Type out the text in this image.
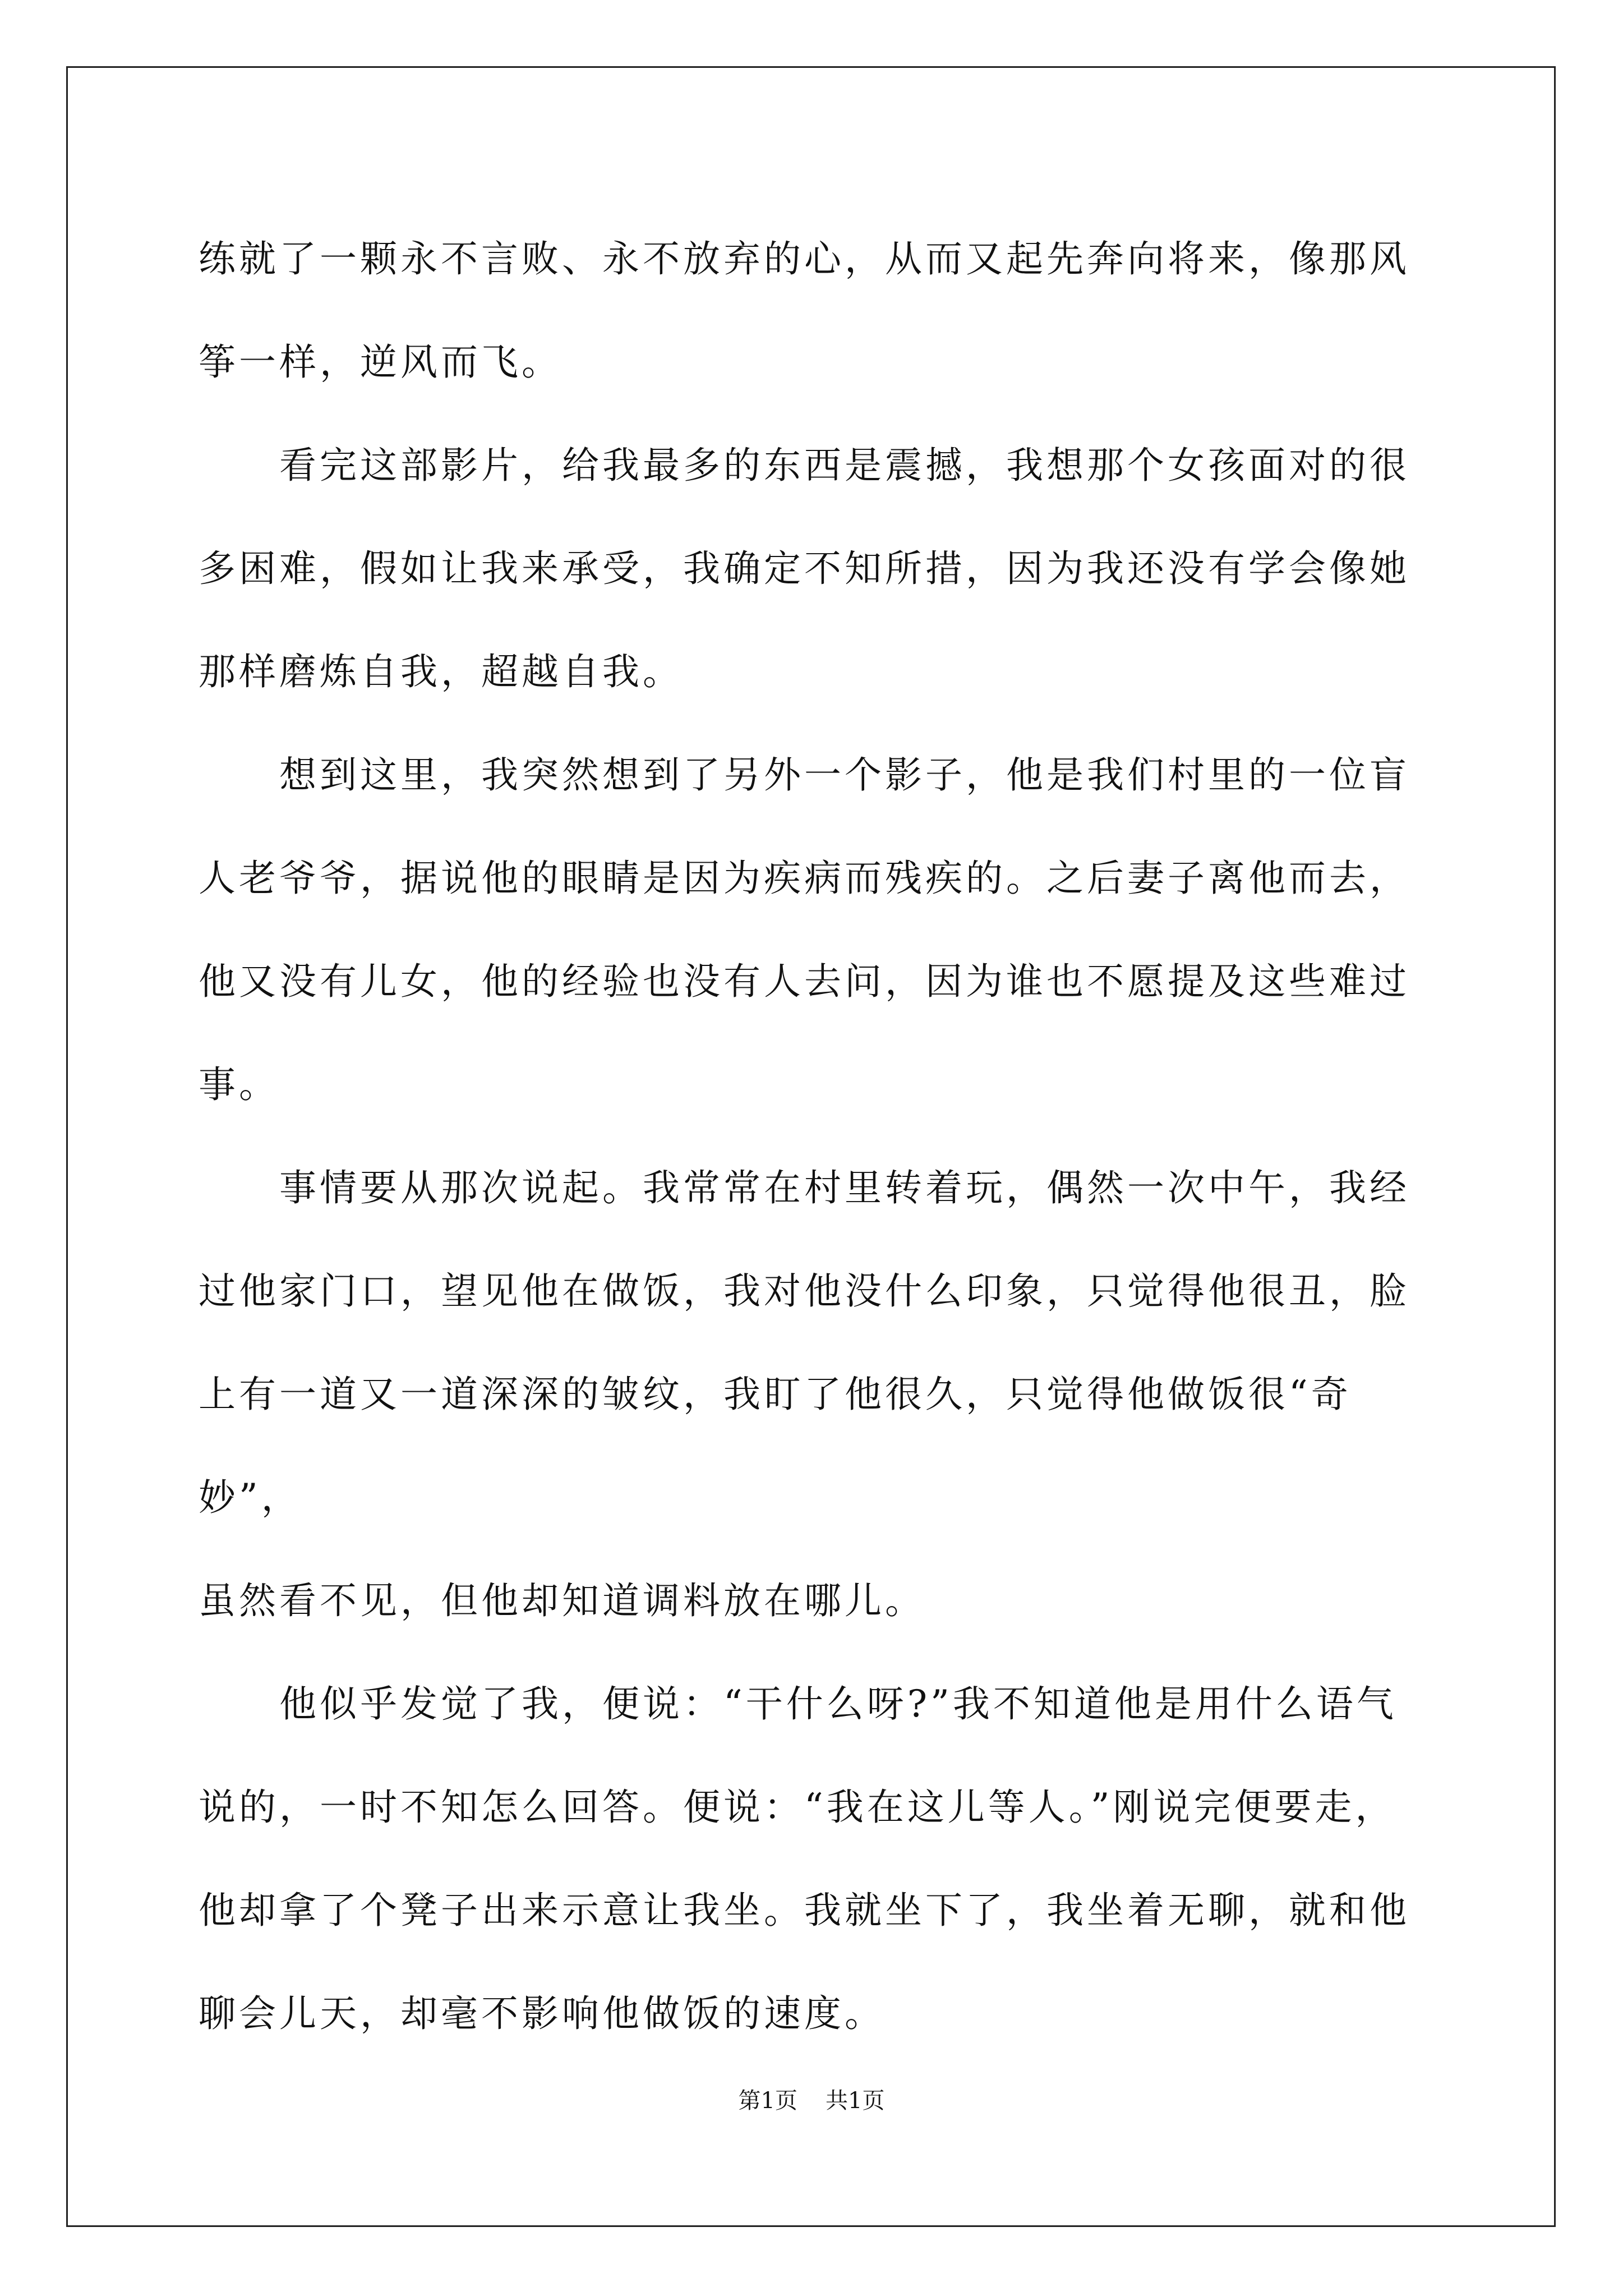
练就了一颗永不言败、永不放弃的心，从而又起先奔向将来，像那风

筝一样，逆风而飞。

　　看完这部影片，给我最多的东西是震撼，我想那个女孩面对的很

多困难，假如让我来承受，我确定不知所措，因为我还没有学会像她

那样磨炼自我，超越自我。

　　想到这里，我突然想到了另外一个影子，他是我们村里的一位盲

人老爷爷，据说他的眼睛是因为疾病而残疾的。之后妻子离他而去，

他又没有儿女，他的经验也没有人去问，因为谁也不愿提及这些难过

事。

　　事情要从那次说起。我常常在村里转着玩，偶然一次中午，我经

过他家门口，望见他在做饭，我对他没什么印象，只觉得他很丑，脸

上有一道又一道深深的皱纹，我盯了他很久，只觉得他做饭很“奇妙”，

虽然看不见，但他却知道调料放在哪儿。

　　他似乎发觉了我，便说：“干什么呀?”我不知道他是用什么语气

说的，一时不知怎么回答。便说：“我在这儿等人。”刚说完便要走，

他却拿了个凳子出来示意让我坐。我就坐下了，我坐着无聊，就和他

聊会儿天，却毫不影响他做饭的速度。

第1页 共1页
